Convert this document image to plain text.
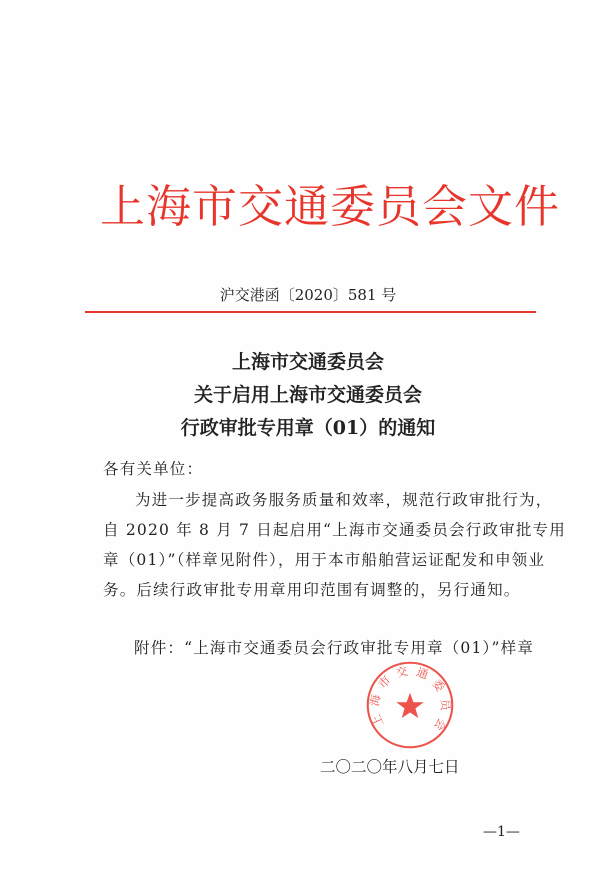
上海市交通委员会文件
沪交港函〔2020〕581 号
上海市交通委员会
关于启用上海市交通委员会
行政审批专用章（01）的通知
各有关单位：
为进一步提高政务服务质量和效率，规范行政审批行为，
自 2020 年 8 月 7 日起启用“上海市交通委员会行政审批专用
章（01）”（样章见附件），用于本市船舶营运证配发和申领业
务。后续行政审批专用章用印范围有调整的，另行通知。
附件：“上海市交通委员会行政审批专用章（01）”样章
二〇二〇年八月七日
上海市交通委员会
—1—
